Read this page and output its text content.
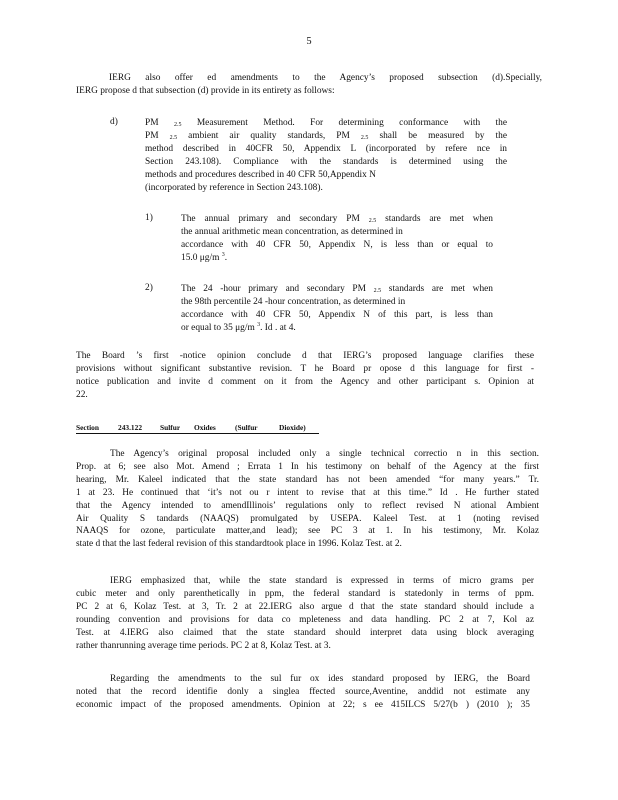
5

IERG also offer ed amendments to the Agency’s proposed subsection (d).Specially,

IERG propose d that subsection (d) provide in its entirety as follows:

d)	PM $_{2.5}$ Measurement Method. For determining conformance with the

PM $_{2.5}$ ambient air quality standards, PM $_{2.5}$ shall be measured by the

method described in 40CFR 50, Appendix L (incorporated by refere nce in

Section 243.108). Compliance with the standards is determined using the

methods and procedures described in 40 CFR 50,Appendix N

(incorporated by reference in Section 243.108).

1)	The annual primary and secondary PM $_{2.5}$ standards are met when

the annual arithmetic mean concentration, as determined in

accordance with 40 CFR 50, Appendix N, is less than or equal to

15.0 μg/m $^3$.

2)	The 24 -hour primary and secondary PM $_{2.5}$ standards are met when

the 98th percentile 24 -hour concentration, as determined in

accordance with 40 CFR 50, Appendix N of this part, is less than

or equal to 35 μg/m $^3$. Id . at 4.

The Board ’s first -notice opinion conclude d that IERG’s proposed language clarifies these

provisions without significant substantive revision. T he Board pr opose d this language for first -

notice publication and invite d comment on it from the Agency and other participant s. Opinion at

22.

Section	243.122 Sulfur Oxides	(Sulfur	Dioxide)

The Agency’s original proposal included only a single technical correctio n in this section.

Prop. at 6; see also Mot. Amend ; Errata 1 In his testimony on behalf of the Agency at the first

hearing, Mr. Kaleel indicated that the state standard has not been amended “for many years.” Tr.

1 at 23. He continued that ‘it’s not ou r intent to revise that at this time.” Id . He further stated

that the Agency intended to amendIllinois’ regulations only to reflect revised N ational Ambient

Air Quality S tandards (NAAQS) promulgated by USEPA. Kaleel Test. at 1 (noting revised

NAAQS for ozone, particulate matter,and lead); see PC 3 at 1. In his testimony, Mr. Kolaz

state d that the last federal revision of this standardtook place in 1996. Kolaz Test. at 2.

IERG emphasized that, while the state standard is expressed in terms of micro grams per

cubic meter and only parenthetically in ppm, the federal standard is statedonly in terms of ppm.

PC 2 at 6, Kolaz Test. at 3, Tr. 2 at 22.IERG also argue d that the state standard should include a

rounding convention and provisions for data co mpleteness and data handling. PC 2 at 7, Kol az

Test. at 4.IERG also claimed that the state standard should interpret data using block averaging

rather thanrunning average time periods. PC 2 at 8, Kolaz Test. at 3.

Regarding the amendments to the sul fur ox ides standard proposed by IERG, the Board

noted that the record identifie donly a singlea ffected source,Aventine, anddid not estimate any

economic impact of the proposed amendments. Opinion at 22; s ee 415ILCS 5/27(b ) (2010 ); 35
